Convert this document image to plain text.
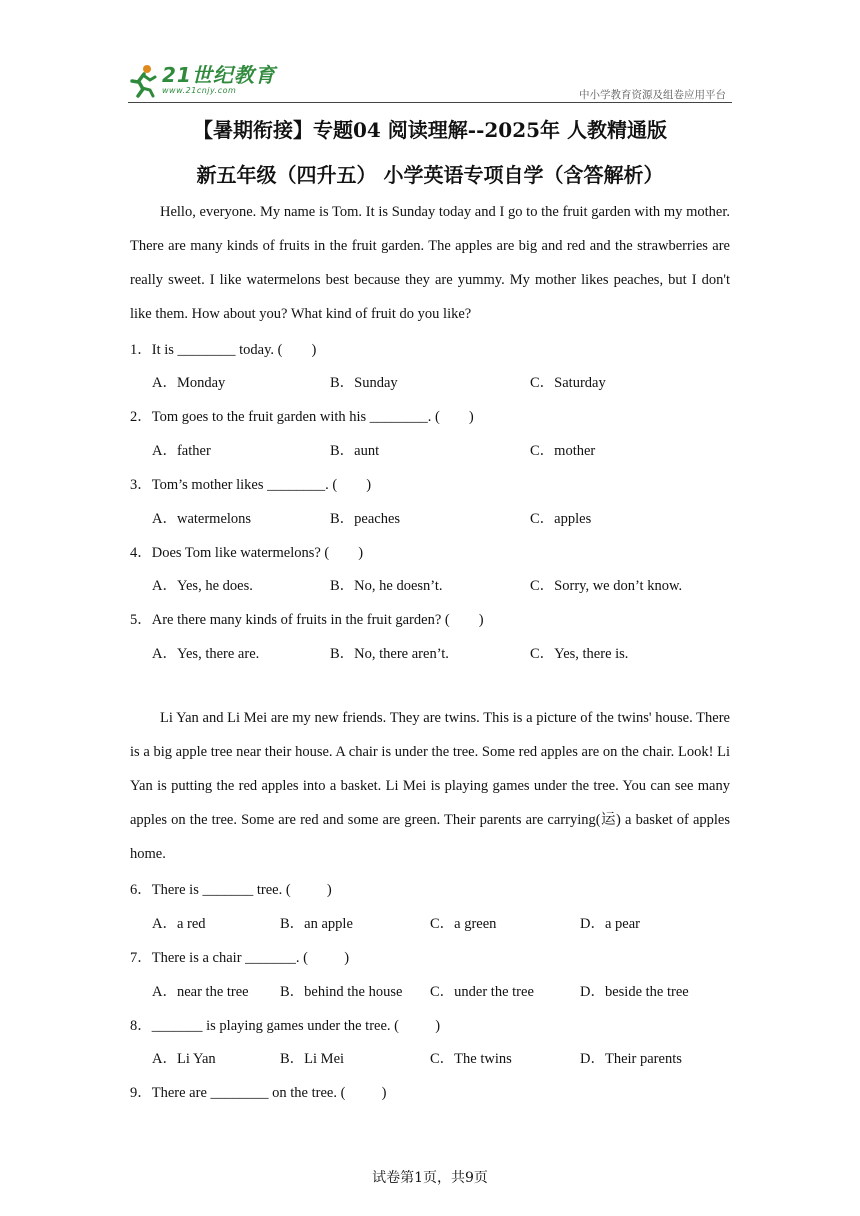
21世纪教育
www.21cnjy.com	中小学教育资源及组卷应用平台
【暑期衔接】专题04 阅读理解--2025年 人教精通版
新五年级（四升五） 小学英语专项自学（含答解析）
Hello, everyone. My name is Tom. It is Sunday today and I go to the fruit garden with my mother. There are many kinds of fruits in the fruit garden. The apples are big and red and the strawberries are really sweet. I like watermelons best because they are yummy. My mother likes peaches, but I don't like them. How about you? What kind of fruit do you like?
1．It is ________ today. (        )
A．Monday	B．Sunday	C．Saturday
2．Tom goes to the fruit garden with his ________. (        )
A．father	B．aunt	C．mother
3．Tom’s mother likes ________. (        )
A．watermelons	B．peaches	C．apples
4．Does Tom like watermelons? (        )
A．Yes, he does.	B．No, he doesn’t.	C．Sorry, we don’t know.
5．Are there many kinds of fruits in the fruit garden? (        )
A．Yes, there are.	B．No, there aren’t.	C．Yes, there is.
Li Yan and Li Mei are my new friends. They are twins. This is a picture of the twins' house. There is a big apple tree near their house. A chair is under the tree. Some red apples are on the chair. Look! Li Yan is putting the red apples into a basket. Li Mei is playing games under the tree. You can see many apples on the tree. Some are red and some are green. Their parents are carrying(运) a basket of apples home.
6．There is _______ tree. (          )
A．a red	B．an apple	C．a green	D．a pear
7．There is a chair _______. (          )
A．near the tree B．behind the house C．under the tree	D．beside the tree
8．_______ is playing games under the tree. (          )
A．Li Yan	B．Li Mei	C．The twins	D．Their parents
9．There are ________ on the tree. (          )
试卷第1页，共9页
